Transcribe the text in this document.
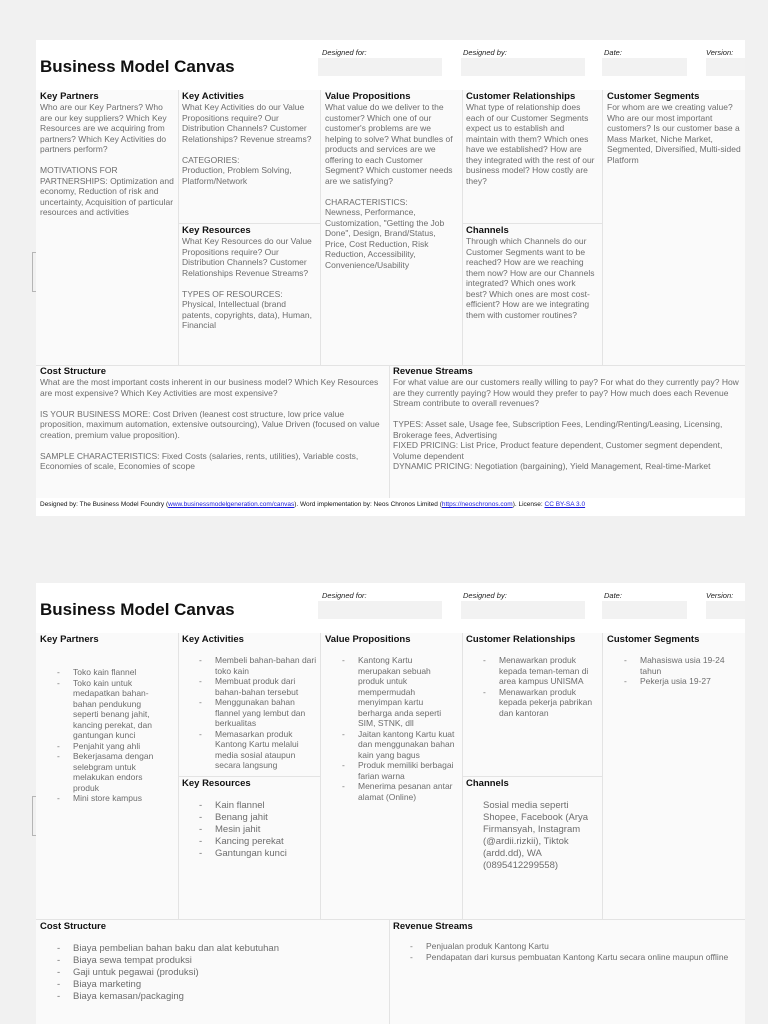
Business Model Canvas
Designed for:	Designed by:	Date:	Version:
Key Partners

Who are our Key Partners? Who are our key suppliers? Which Key Resources are we acquiring from partners? Which Key Activities do partners perform?

MOTIVATIONS FOR PARTNERSHIPS: Optimization and economy, Reduction of risk and uncertainty, Acquisition of particular resources and activities

Key Activities

What Key Activities do our Value Propositions require? Our Distribution Channels? Customer Relationships? Revenue streams?

CATEGORIES:
Production, Problem Solving, Platform/Network

Key Resources

What Key Resources do our Value Propositions require? Our Distribution Channels? Customer Relationships Revenue Streams?

TYPES OF RESOURCES:
Physical, Intellectual (brand patents, copyrights, data), Human, Financial

Value Propositions

What value do we deliver to the customer? Which one of our customer's problems are we helping to solve? What bundles of products and services are we offering to each Customer Segment? Which customer needs are we satisfying?

CHARACTERISTICS:
Newness, Performance, Customization, "Getting the Job Done", Design, Brand/Status, Price, Cost Reduction, Risk Reduction, Accessibility, Convenience/Usability

Customer Relationships

What type of relationship does each of our Customer Segments expect us to establish and maintain with them? Which ones have we established? How are they integrated with the rest of our business model? How costly are they?

Channels

Through which Channels do our Customer Segments want to be reached? How are we reaching them now? How are our Channels integrated? Which ones work best? Which ones are most cost-efficient? How are we integrating them with customer routines?

Customer Segments

For whom are we creating value? Who are our most important customers? Is our customer base a Mass Market, Niche Market, Segmented, Diversified, Multi-sided Platform

Cost Structure

What are the most important costs inherent in our business model? Which Key Resources are most expensive? Which Key Activities are most expensive?

IS YOUR BUSINESS MORE: Cost Driven (leanest cost structure, low price value proposition, maximum automation, extensive outsourcing), Value Driven (focused on value creation, premium value proposition).

SAMPLE CHARACTERISTICS: Fixed Costs (salaries, rents, utilities), Variable costs, Economies of scale, Economies of scope

Revenue Streams

For what value are our customers really willing to pay? For what do they currently pay? How are they currently paying? How would they prefer to pay? How much does each Revenue Stream contribute to overall revenues?

TYPES: Asset sale, Usage fee, Subscription Fees, Lending/Renting/Leasing, Licensing, Brokerage fees, Advertising
FIXED PRICING: List Price, Product feature dependent, Customer segment dependent, Volume dependent
DYNAMIC PRICING: Negotiation (bargaining), Yield Management, Real-time-Market

Designed by: The Business Model Foundry (www.businessmodelgeneration.com/canvas). Word implementation by: Neos Chronos Limited (https://neoschronos.com). License: CC BY-SA 3.0
Business Model Canvas
Designed for:	Designed by:	Date:	Version:
Key Partners
- Toko kain flannel
- Toko kain untuk medapatkan bahan-bahan pendukung seperti benang jahit, kancing perekat, dan gantungan kunci
- Penjahit yang ahli
- Bekerjasama dengan selebgram untuk melakukan endors produk
- Mini store kampus
Key Activities
- Membeli bahan-bahan dari toko kain
- Membuat produk dari bahan-bahan tersebut
- Menggunakan bahan flannel yang lembut dan berkualitas
- Memasarkan produk Kantong Kartu melalui media sosial ataupun secara langsung
Key Resources
- Kain flannel
- Benang jahit
- Mesin jahit
- Kancing perekat
- Gantungan kunci
Value Propositions
- Kantong Kartu merupakan sebuah produk untuk mempermudah menyimpan kartu berharga anda seperti SIM, STNK, dll
- Jaitan kantong Kartu kuat dan menggunakan bahan kain yang bagus
- Produk memiliki berbagai farian warna
- Menerima pesanan antar alamat (Online)
Customer Relationships
- Menawarkan produk kepada teman-teman di area kampus UNISMA
- Menawarkan produk kepada pekerja pabrikan dan kantoran
Channels
Sosial media seperti Shopee, Facebook (Arya Firmansyah, Instagram (@ardii.rizkii), Tiktok (ardd.dd), WA (0895412299558)
Customer Segments
- Mahasiswa usia 19-24 tahun
- Pekerja usia 19-27
Cost Structure
- Biaya pembelian bahan baku dan alat kebutuhan
- Biaya sewa tempat produksi
- Gaji untuk pegawai (produksi)
- Biaya marketing
- Biaya kemasan/packaging
Revenue Streams
- Penjualan produk Kantong Kartu
- Pendapatan dari kursus pembuatan Kantong Kartu secara online maupun offline
